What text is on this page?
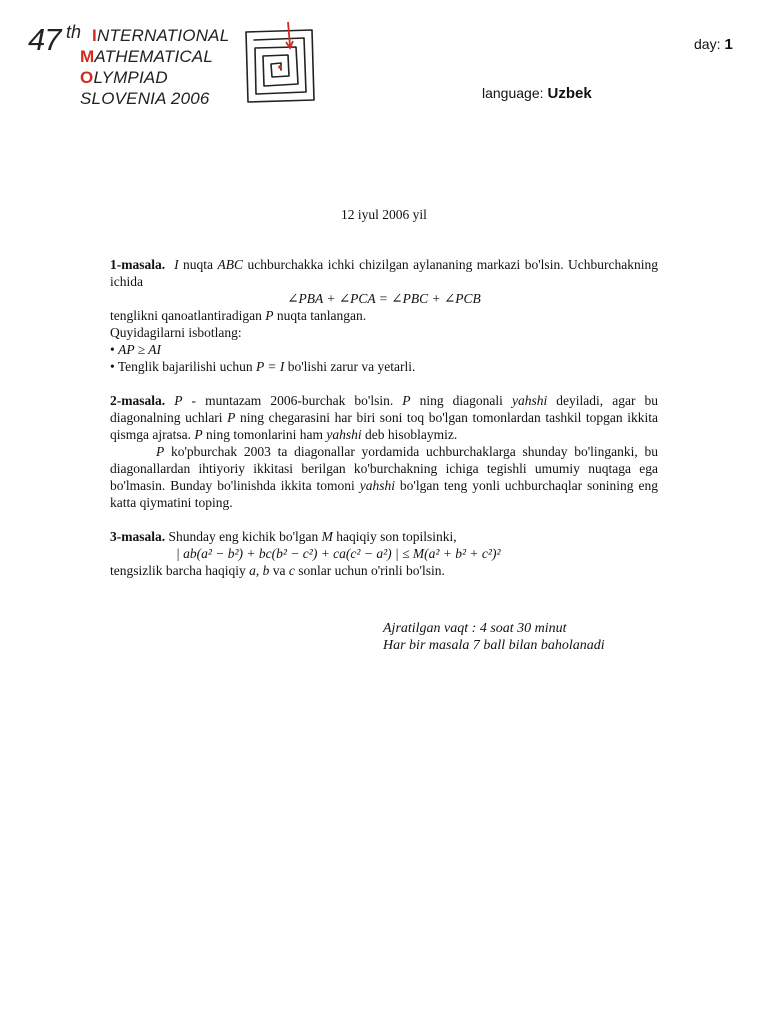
47 th INTERNATIONAL
MATHEMATICAL
OLYMPIAD
SLOVENIA 2006
day: 1
language: Uzbek
12 iyul 2006 yil

1-masala. I nuqta ABC uchburchakka ichki chizilgan aylananing markazi bo'lsin. Uchburchakning ichida

∠PBA + ∠PCA = ∠PBC + ∠PCB

tenglikni qanoatlantiradigan P nuqta tanlangan.

Quyidagilarni isbotlang:

• AP ≥ AI

• Tenglik bajarilishi uchun P = I bo'lishi zarur va yetarli.

2-masala. P - muntazam 2006-burchak bo'lsin. P ning diagonali yahshi deyiladi, agar bu diagonalning uchlari P ning chegarasini har biri soni toq bo'lgan tomonlardan tashkil topgan ikkita qismga ajratsa. P ning tomonlarini ham yahshi deb hisoblaymiz.

P ko'pburchak 2003 ta diagonallar yordamida uchburchaklarga shunday bo'linganki, bu diagonallardan ihtiyoriy ikkitasi berilgan ko'burchakning ichiga tegishli umumiy nuqtaga ega bo'lmasin. Bunday bo'linishda ikkita tomoni yahshi bo'lgan teng yonli uchburchaqlar sonining eng katta qiymatini toping.

3-masala. Shunday eng kichik bo'lgan M haqiqiy son topilsinki,

| ab(a² − b²) + bc(b² − c²) + ca(c² − a²) | ≤ M(a² + b² + c²)²

tengsizlik barcha haqiqiy a, b va c sonlar uchun o'rinli bo'lsin.

Ajratilgan vaqt : 4 soat 30 minut
Har bir masala 7 ball bilan baholanadi
